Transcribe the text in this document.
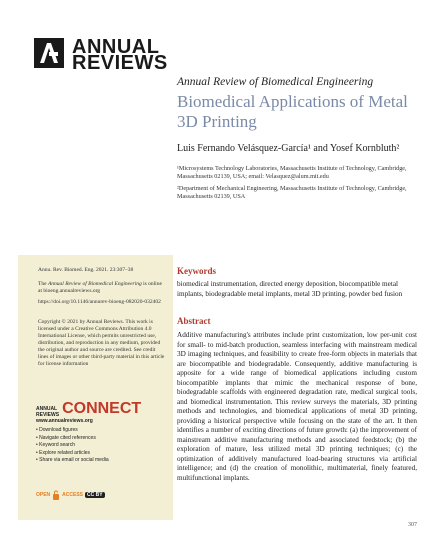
ANNUAL
REVIEWS
Annual Review of Biomedical Engineering
Biomedical Applications of Metal 3D Printing
Luis Fernando Velásquez-García¹ and Yosef Kornbluth²
¹Microsystems Technology Laboratories, Massachusetts Institute of Technology, Cambridge, Massachusetts 02139, USA; email: Velasquez@alum.mit.edu
²Department of Mechanical Engineering, Massachusetts Institute of Technology, Cambridge, Massachusetts 02139, USA
Annu. Rev. Biomed. Eng. 2021. 23:307–38
The Annual Review of Biomedical Engineering is online at bioeng.annualreviews.org
https://doi.org/10.1146/annurev-bioeng-082020-032402
Copyright © 2021 by Annual Reviews. This work is licensed under a Creative Commons Attribution 4.0 International License, which permits unrestricted use, distribution, and reproduction in any medium, provided the original author and source are credited. See credit lines of images or other third-party material in this article for license information
ANNUAL
REVIEWS CONNECT
www.annualreviews.org
• Download figures
• Navigate cited references
• Keyword search
• Explore related articles
• Share via email or social media
OPEN ACCESS CC BY
Keywords
biomedical instrumentation, directed energy deposition, biocompatible metal implants, biodegradable metal implants, metal 3D printing, powder bed fusion
Abstract
Additive manufacturing's attributes include print customization, low per-unit cost for small- to mid-batch production, seamless interfacing with mainstream medical 3D imaging techniques, and feasibility to create free-form objects in materials that are biocompatible and biodegradable. Consequently, additive manufacturing is apposite for a wide range of biomedical applications including custom biocompatible implants that mimic the mechanical response of bone, biodegradable scaffolds with engineered degradation rate, medical surgical tools, and biomedical instrumentation. This review surveys the materials, 3D printing methods and technologies, and biomedical applications of metal 3D printing, providing a historical perspective while focusing on the state of the art. It then identifies a number of exciting directions of future growth: (a) the improvement of mainstream additive manufacturing methods and associated feedstock; (b) the exploration of mature, less utilized metal 3D printing techniques; (c) the optimization of additively manufactured load-bearing structures via artificial intelligence; and (d) the creation of monolithic, multimaterial, finely featured, multifunctional implants.
307
